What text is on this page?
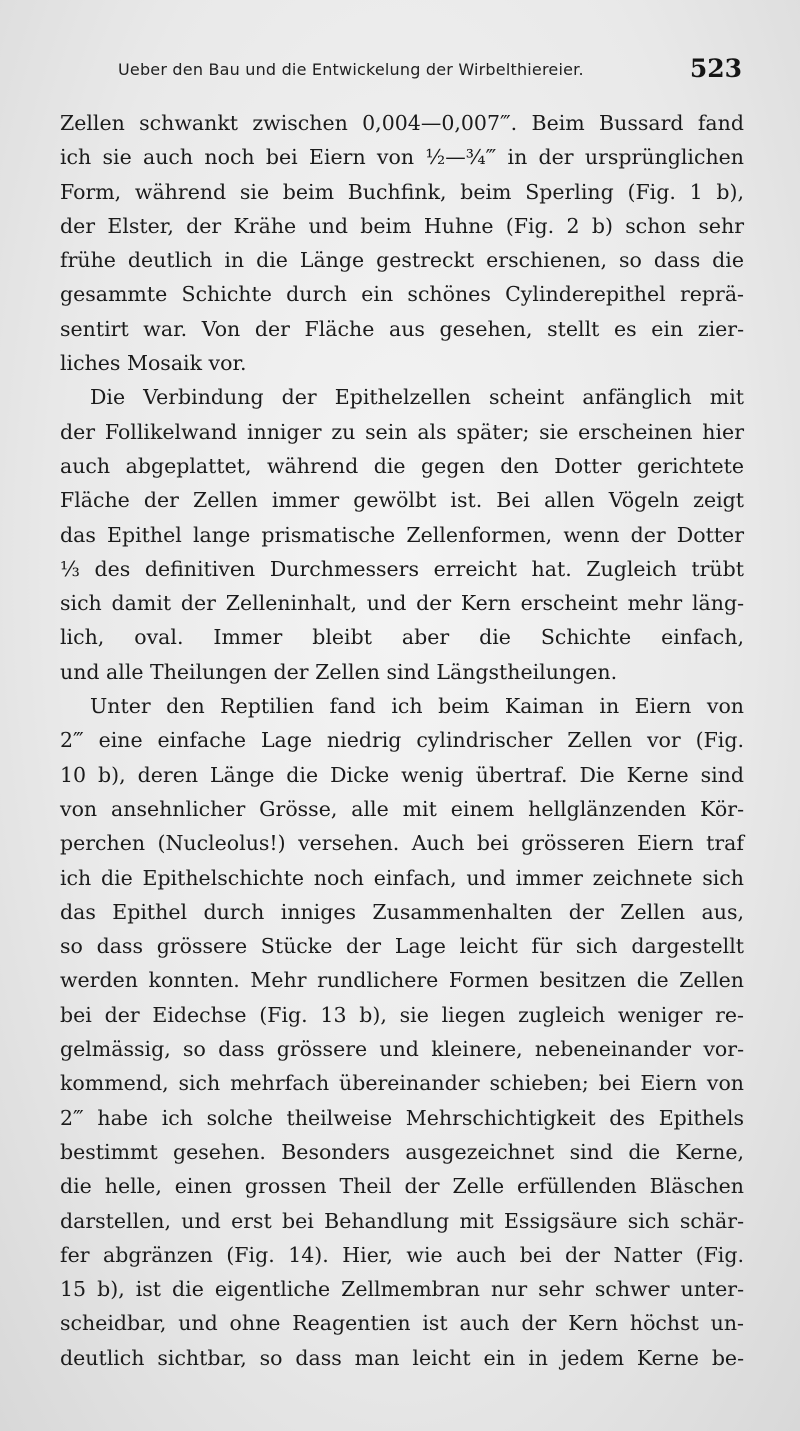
Ueber den Bau und die Entwickelung der Wirbelthiereier.	523
Zellen schwankt zwischen 0,004—0,007‴. Beim Bussard fand
ich sie auch noch bei Eiern von ½—¾‴ in der ursprünglichen
Form, während sie beim Buchfink, beim Sperling (Fig. 1 b),
der Elster, der Krähe und beim Huhne (Fig. 2 b) schon sehr
frühe deutlich in die Länge gestreckt erschienen, so dass die
gesammte Schichte durch ein schönes Cylinderepithel reprä-
sentirt war. Von der Fläche aus gesehen, stellt es ein zier-
liches Mosaik vor.
Die Verbindung der Epithelzellen scheint anfänglich mit
der Follikelwand inniger zu sein als später; sie erscheinen hier
auch abgeplattet, während die gegen den Dotter gerichtete
Fläche der Zellen immer gewölbt ist. Bei allen Vögeln zeigt
das Epithel lange prismatische Zellenformen, wenn der Dotter
⅓ des definitiven Durchmessers erreicht hat. Zugleich trübt
sich damit der Zelleninhalt, und der Kern erscheint mehr läng-
lich, oval. Immer bleibt aber die Schichte einfach,
und alle Theilungen der Zellen sind Längstheilungen.
Unter den Reptilien fand ich beim Kaiman in Eiern von
2‴ eine einfache Lage niedrig cylindrischer Zellen vor (Fig.
10 b), deren Länge die Dicke wenig übertraf. Die Kerne sind
von ansehnlicher Grösse, alle mit einem hellglänzenden Kör-
perchen (Nucleolus!) versehen. Auch bei grösseren Eiern traf
ich die Epithelschichte noch einfach, und immer zeichnete sich
das Epithel durch inniges Zusammenhalten der Zellen aus,
so dass grössere Stücke der Lage leicht für sich dargestellt
werden konnten. Mehr rundlichere Formen besitzen die Zellen
bei der Eidechse (Fig. 13 b), sie liegen zugleich weniger re-
gelmässig, so dass grössere und kleinere, nebeneinander vor-
kommend, sich mehrfach übereinander schieben; bei Eiern von
2‴ habe ich solche theilweise Mehrschichtigkeit des Epithels
bestimmt gesehen. Besonders ausgezeichnet sind die Kerne,
die helle, einen grossen Theil der Zelle erfüllenden Bläschen
darstellen, und erst bei Behandlung mit Essigsäure sich schär-
fer abgränzen (Fig. 14). Hier, wie auch bei der Natter (Fig.
15 b), ist die eigentliche Zellmembran nur sehr schwer unter-
scheidbar, und ohne Reagentien ist auch der Kern höchst un-
deutlich sichtbar, so dass man leicht ein in jedem Kerne be-
